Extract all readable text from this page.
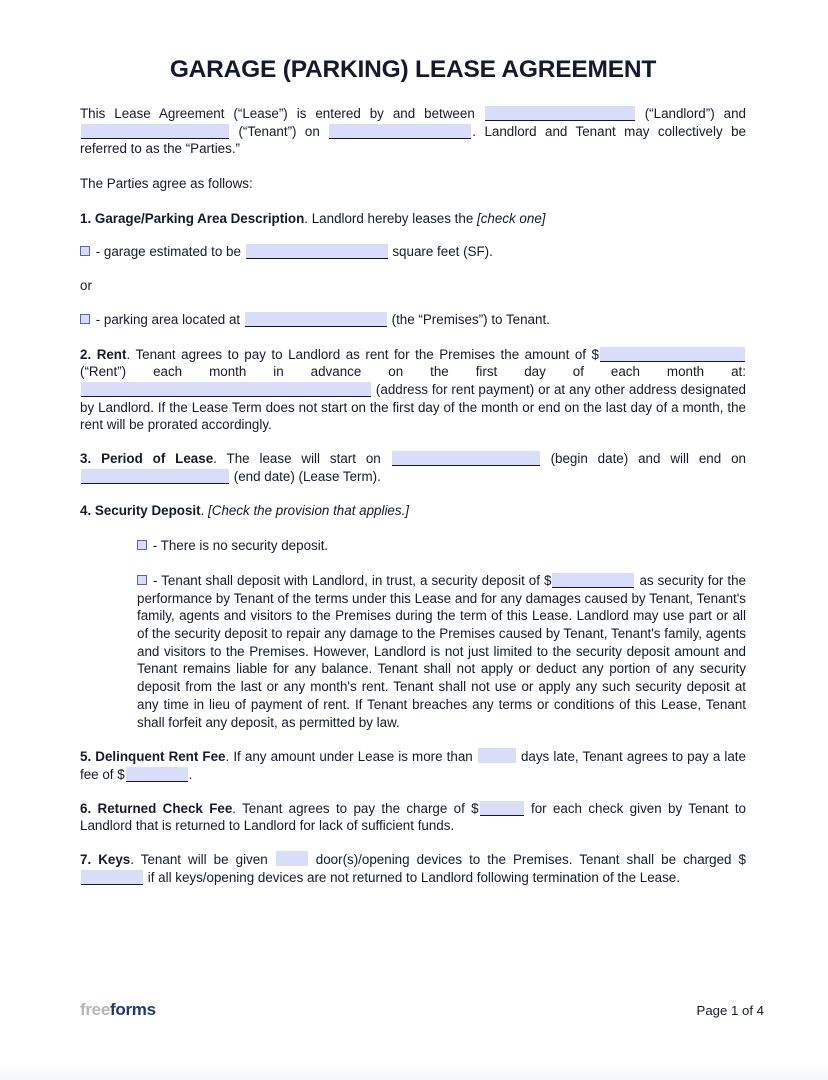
GARAGE (PARKING) LEASE AGREEMENT

This Lease Agreement (“Lease”) is entered by and between	(“Landlord”) and  (“Tenant”) on	. Landlord and Tenant may collectively be referred to as the “Parties.”

The Parties agree as follows:

1. Garage/Parking Area Description. Landlord hereby leases the [check one]

- garage estimated to be	square feet (SF).

or

- parking area located at	(the “Premises”) to Tenant.

2. Rent. Tenant agrees to pay to Landlord as rent for the Premises the amount of $ (“Rent”) each month in advance on the first day of each month at:  (address for rent payment) or at any other address designated by Landlord. If the Lease Term does not start on the first day of the month or end on the last day of a month, the rent will be prorated accordingly.

3. Period of Lease. The lease will start on	(begin date) and will end on  (end date) (Lease Term).

4. Security Deposit. [Check the provision that applies.]

- There is no security deposit.

- Tenant shall deposit with Landlord, in trust, a security deposit of $	as security for the performance by Tenant of the terms under this Lease and for any damages caused by Tenant, Tenant's family, agents and visitors to the Premises during the term of this Lease. Landlord may use part or all of the security deposit to repair any damage to the Premises caused by Tenant, Tenant's family, agents and visitors to the Premises. However, Landlord is not just limited to the security deposit amount and Tenant remains liable for any balance. Tenant shall not apply or deduct any portion of any security deposit from the last or any month's rent. Tenant shall not use or apply any such security deposit at any time in lieu of payment of rent. If Tenant breaches any terms or conditions of this Lease, Tenant shall forfeit any deposit, as permitted by law.

5. Delinquent Rent Fee. If any amount under Lease is more than	days late, Tenant agrees to pay a late fee of $	.

6. Returned Check Fee. Tenant agrees to pay the charge of $	for each check given by Tenant to Landlord that is returned to Landlord for lack of sufficient funds.

7. Keys. Tenant will be given	door(s)/opening devices to the Premises. Tenant shall be charged $ if all keys/opening devices are not returned to Landlord following termination of the Lease.

freeforms	Page 1 of 4
